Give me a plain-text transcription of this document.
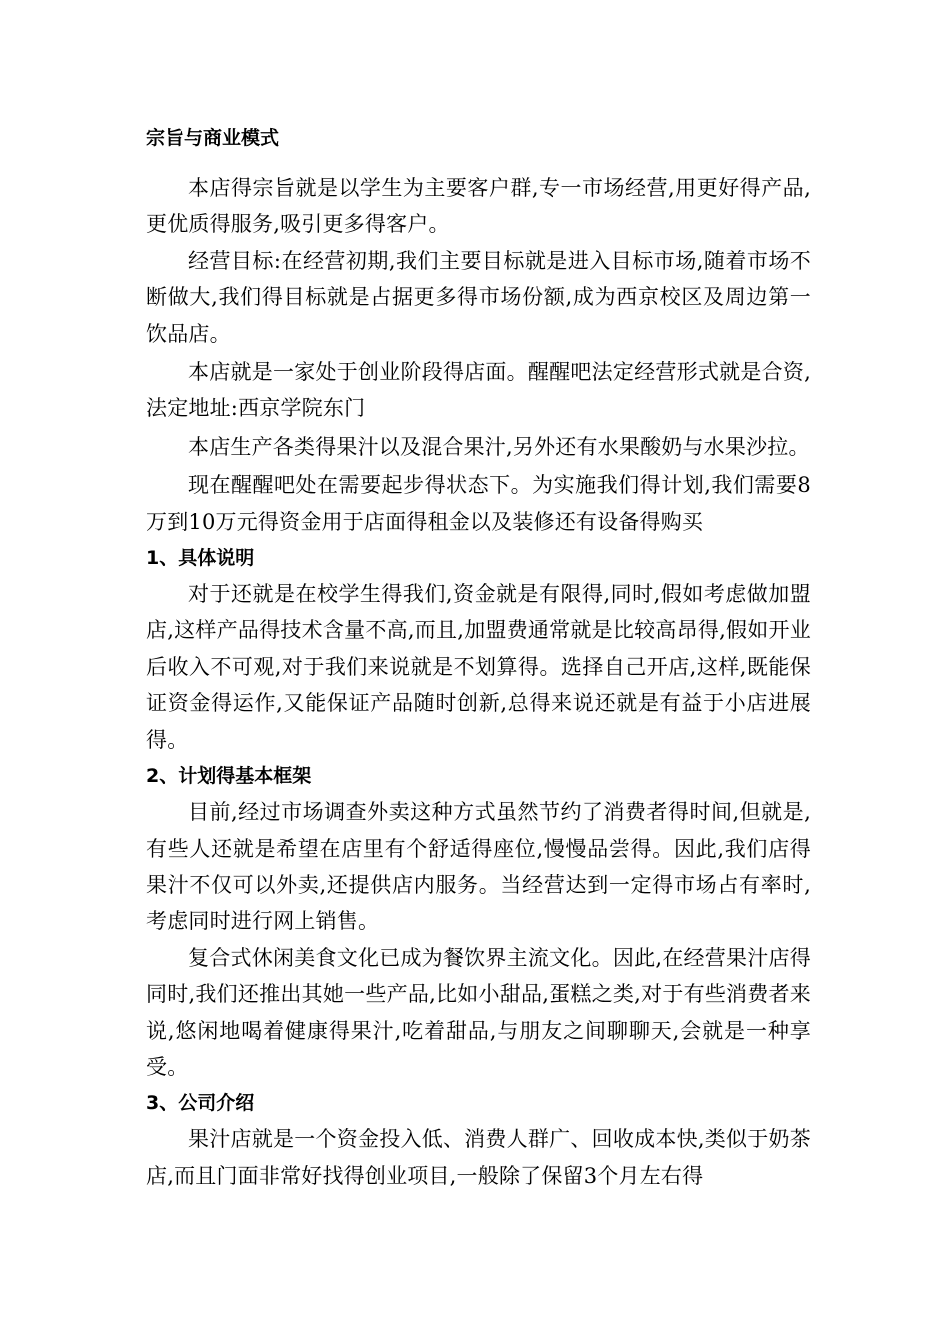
宗旨与商业模式

本店得宗旨就是以学生为主要客户群,专一市场经营,用更好得产品,更优质得服务,吸引更多得客户。

经营目标:在经营初期,我们主要目标就是进入目标市场,随着市场不断做大,我们得目标就是占据更多得市场份额,成为西京校区及周边第一饮品店。

本店就是一家处于创业阶段得店面。醒醒吧法定经营形式就是合资,法定地址:西京学院东门

本店生产各类得果汁以及混合果汁,另外还有水果酸奶与水果沙拉。

现在醒醒吧处在需要起步得状态下。为实施我们得计划,我们需要8万到10万元得资金用于店面得租金以及装修还有设备得购买

1、具体说明

对于还就是在校学生得我们,资金就是有限得,同时,假如考虑做加盟店,这样产品得技术含量不高,而且,加盟费通常就是比较高昂得,假如开业后收入不可观,对于我们来说就是不划算得。选择自己开店,这样,既能保证资金得运作,又能保证产品随时创新,总得来说还就是有益于小店进展得。

2、计划得基本框架

目前,经过市场调查外卖这种方式虽然节约了消费者得时间,但就是,有些人还就是希望在店里有个舒适得座位,慢慢品尝得。因此,我们店得果汁不仅可以外卖,还提供店内服务。当经营达到一定得市场占有率时,考虑同时进行网上销售。

复合式休闲美食文化已成为餐饮界主流文化。因此,在经营果汁店得同时,我们还推出其她一些产品,比如小甜品,蛋糕之类,对于有些消费者来说,悠闲地喝着健康得果汁,吃着甜品,与朋友之间聊聊天,会就是一种享受。

3、公司介绍

果汁店就是一个资金投入低、消费人群广、回收成本快,类似于奶茶店,而且门面非常好找得创业项目,一般除了保留3个月左右得
